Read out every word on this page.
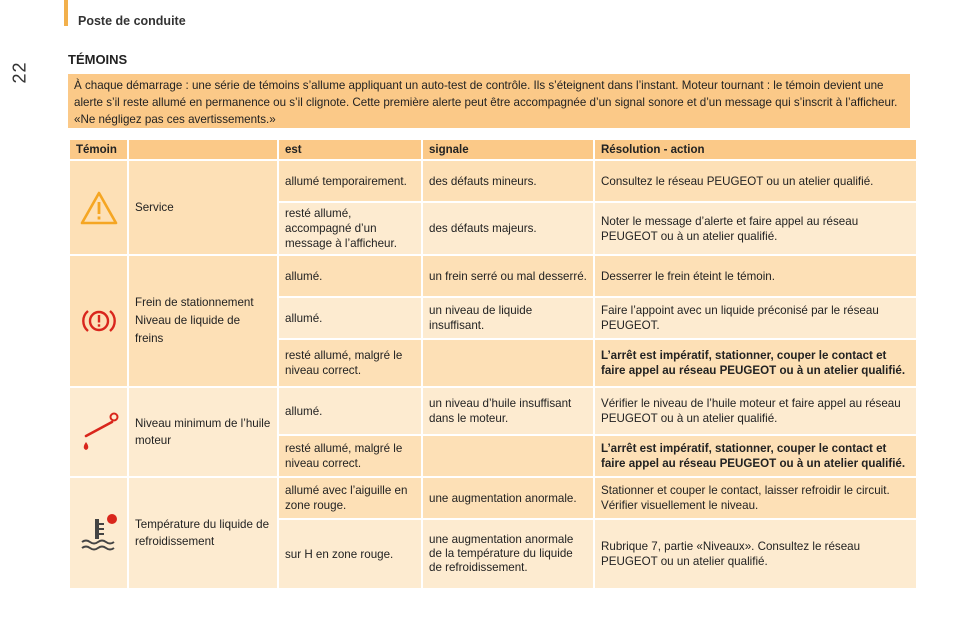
Poste de conduite
22
TÉMOINS
À chaque démarrage : une série de témoins s’allume appliquant un auto-test de contrôle. Ils s’éteignent dans l’instant. Moteur tournant : le témoin devient une alerte s’il reste allumé en permanence ou s’il clignote. Cette première alerte peut être accompagnée d’un signal sonore et d’un message qui s’inscrit à l’afficheur. «Ne négligez pas ces avertissements.»
Témoin		est	signale	Résolution - action

	Service	allumé temporairement.	des défauts mineurs.	Consultez le réseau PEUGEOT ou un atelier qualifié.
		resté allumé, accompagné d’un message à l’afficheur.	des défauts majeurs.	Noter le message d’alerte et faire appel au réseau PEUGEOT ou à un atelier qualifié.

	Frein de stationnement Niveau de liquide de freins	allumé.	un frein serré ou mal desserré.	Desserrer le frein éteint le témoin.
		allumé.	un niveau de liquide insuffisant.	Faire l’appoint avec un liquide préconisé par le réseau PEUGEOT.
		resté allumé, malgré le niveau correct.		L’arrêt est impératif, stationner, couper le contact et faire appel au réseau PEUGEOT ou à un atelier qualifié.

	Niveau minimum de l’huile moteur	allumé.	un niveau d’huile insuffisant dans le moteur.	Vérifier le niveau de l’huile moteur et faire appel au réseau PEUGEOT ou à un atelier qualifié.
		resté allumé, malgré le niveau correct.		L’arrêt est impératif, stationner, couper le contact et faire appel au réseau PEUGEOT ou à un atelier qualifié.

	Température du liquide de refroidissement	allumé avec l’aiguille en zone rouge.	une augmentation anormale.	Stationner et couper le contact, laisser refroidir le circuit. Vérifier visuellement le niveau.
		sur H en zone rouge.	une augmentation anormale de la température du liquide de refroidissement.	Rubrique 7, partie «Niveaux». Consultez le réseau PEUGEOT ou un atelier qualifié.
